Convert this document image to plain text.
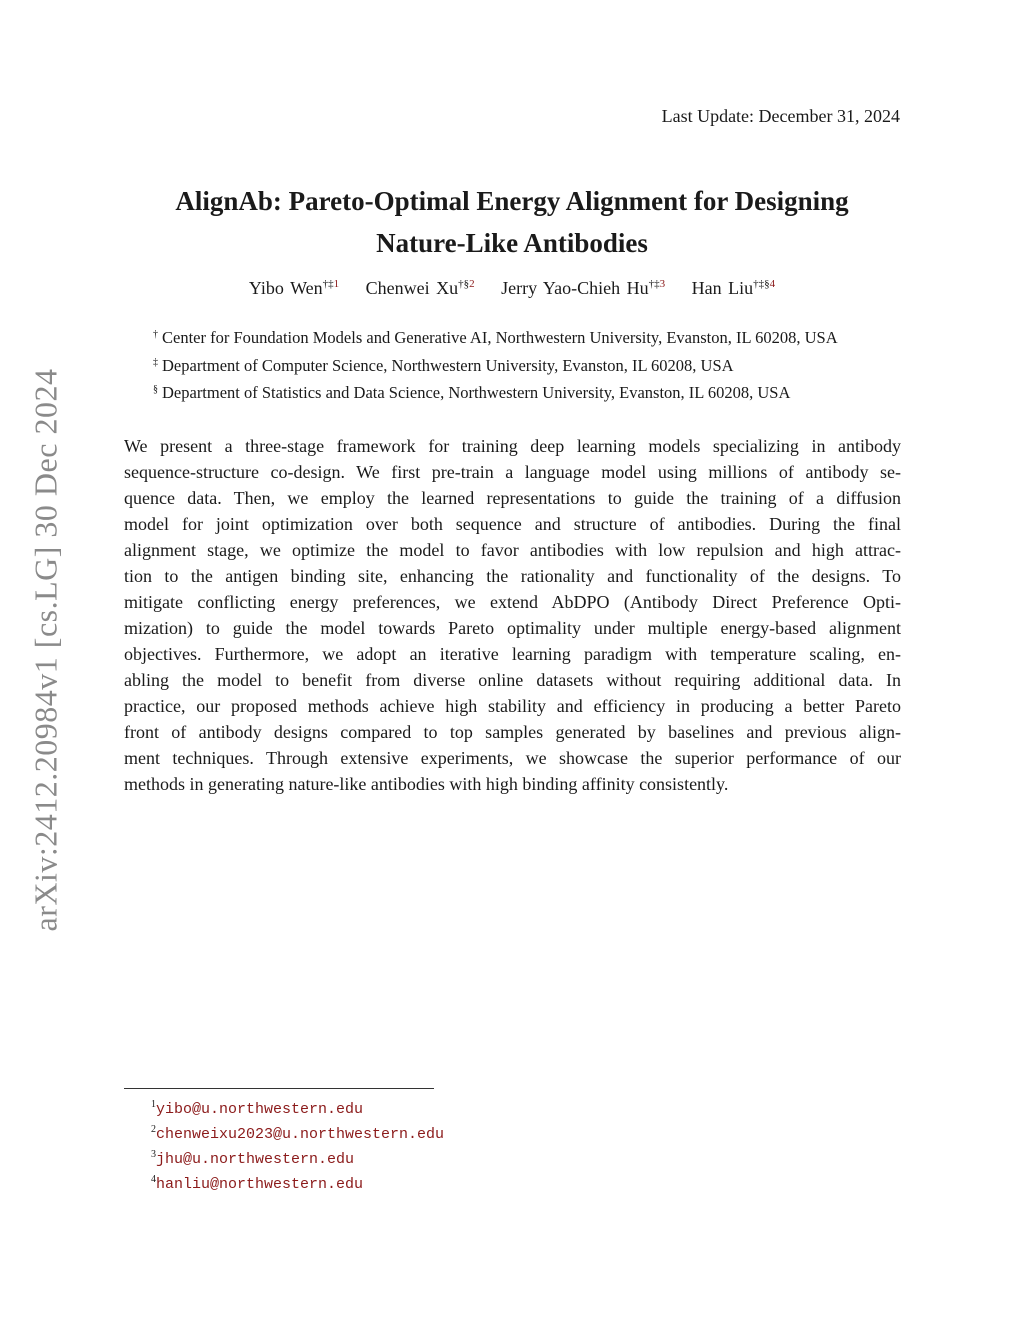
arXiv:2412.20984v1 [cs.LG] 30 Dec 2024
Last Update: December 31, 2024
AlignAb: Pareto-Optimal Energy Alignment for Designing
Nature-Like Antibodies
Yibo Wen$^{\dagger\ddagger 1}$ Chenwei Xu$^{\dagger\S 2}$ Jerry Yao-Chieh Hu$^{\dagger\ddagger 3}$ Han Liu$^{\dagger\ddagger\S 4}$
† Center for Foundation Models and Generative AI, Northwestern University, Evanston, IL 60208, USA
‡ Department of Computer Science, Northwestern University, Evanston, IL 60208, USA
§ Department of Statistics and Data Science, Northwestern University, Evanston, IL 60208, USA
We present a three-stage framework for training deep learning models specializing in antibody
sequence-structure co-design. We first pre-train a language model using millions of antibody se-
quence data. Then, we employ the learned representations to guide the training of a diffusion
model for joint optimization over both sequence and structure of antibodies. During the final
alignment stage, we optimize the model to favor antibodies with low repulsion and high attrac-
tion to the antigen binding site, enhancing the rationality and functionality of the designs. To
mitigate conflicting energy preferences, we extend AbDPO (Antibody Direct Preference Opti-
mization) to guide the model towards Pareto optimality under multiple energy-based alignment
objectives. Furthermore, we adopt an iterative learning paradigm with temperature scaling, en-
abling the model to benefit from diverse online datasets without requiring additional data. In
practice, our proposed methods achieve high stability and efficiency in producing a better Pareto
front of antibody designs compared to top samples generated by baselines and previous align-
ment techniques. Through extensive experiments, we showcase the superior performance of our
methods in generating nature-like antibodies with high binding affinity consistently.
$^1$yibo@u.northwestern.edu
$^2$chenweixu2023@u.northwestern.edu
$^3$jhu@u.northwestern.edu
$^4$hanliu@northwestern.edu
